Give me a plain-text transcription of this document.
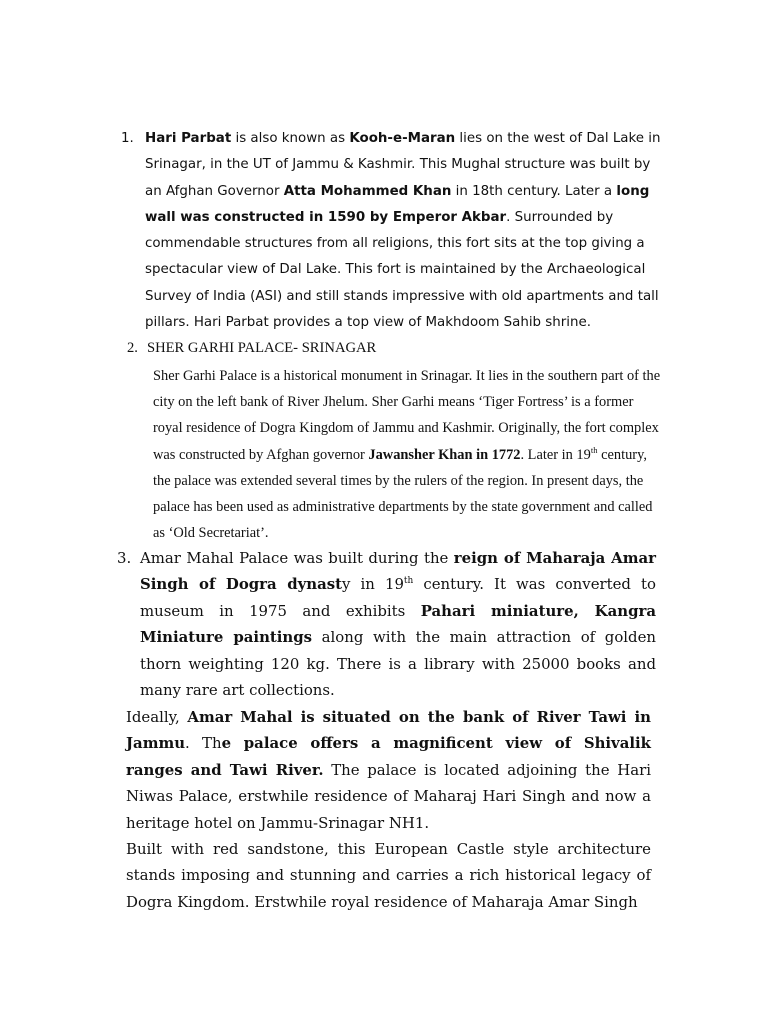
1. Hari Parbat is also known as Kooh-e-Maran lies on the west of Dal Lake in Srinagar, in the UT of Jammu & Kashmir. This Mughal structure was built by an Afghan Governor Atta Mohammed Khan in 18th century. Later a long wall was constructed in 1590 by Emperor Akbar. Surrounded by commendable structures from all religions, this fort sits at the top giving a spectacular view of Dal Lake. This fort is maintained by the Archaeological Survey of India (ASI) and still stands impressive with old apartments and tall pillars. Hari Parbat provides a top view of Makhdoom Sahib shrine.
2. SHER GARHI PALACE- SRINAGAR
Sher Garhi Palace is a historical monument in Srinagar. It lies in the southern part of the city on the left bank of River Jhelum. Sher Garhi means ‘Tiger Fortress’ is a former royal residence of Dogra Kingdom of Jammu and Kashmir. Originally, the fort complex was constructed by Afghan governor Jawansher Khan in 1772. Later in 19th century, the palace was extended several times by the rulers of the region. In present days, the palace has been used as administrative departments by the state government and called as ‘Old Secretariat’.
3. Amar Mahal Palace was built during the reign of Maharaja Amar Singh of Dogra dynasty in 19th century. It was converted to museum in 1975 and exhibits Pahari miniature, Kangra Miniature paintings along with the main attraction of golden thorn weighting 120 kg. There is a library with 25000 books and many rare art collections.
Ideally, Amar Mahal is situated on the bank of River Tawi in Jammu. The palace offers a magnificent view of Shivalik ranges and Tawi River. The palace is located adjoining the Hari Niwas Palace, erstwhile residence of Maharaj Hari Singh and now a heritage hotel on Jammu-Srinagar NH1.
Built with red sandstone, this European Castle style architecture stands imposing and stunning and carries a rich historical legacy of Dogra Kingdom. Erstwhile royal residence of Maharaja Amar Singh
